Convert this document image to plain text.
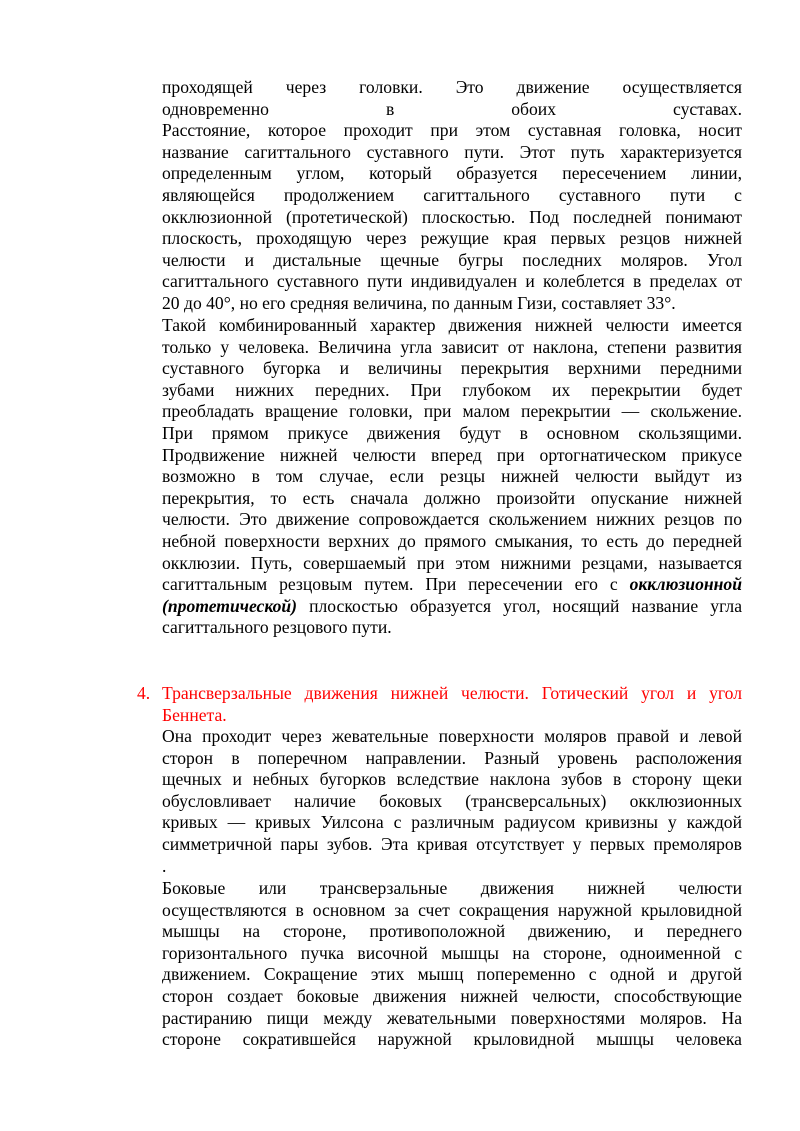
проходящей через головки. Это движение осуществляется
одновременно в обоих суставах.
Расстояние, которое проходит при этом суставная головка, носит
название сагиттального суставного пути. Этот путь характеризуется
определенным углом, который образуется пересечением линии,
являющейся продолжением сагиттального суставного пути с
окклюзионной (протетической) плоскостью. Под последней понимают
плоскость, проходящую через режущие края первых резцов нижней
челюсти и дистальные щечные бугры последних моляров. Угол
сагиттального суставного пути индивидуален и колеблется в пределах от
20 до 40°, но его средняя величина, по данным Гизи, составляет 33°.
Такой комбинированный характер движения нижней челюсти имеется
только у человека. Величина угла зависит от наклона, степени развития
суставного бугорка и величины перекрытия верхними передними
зубами нижних передних. При глубоком их перекрытии будет
преобладать вращение головки, при малом перекрытии — скольжение.
При прямом прикусе движения будут в основном скользящими.
Продвижение нижней челюсти вперед при ортогнатическом прикусе
возможно в том случае, если резцы нижней челюсти выйдут из
перекрытия, то есть сначала должно произойти опускание нижней
челюсти. Это движение сопровождается скольжением нижних резцов по
небной поверхности верхних до прямого смыкания, то есть до передней
окклюзии. Путь, совершаемый при этом нижними резцами, называется
сагиттальным резцовым путем. При пересечении его с окклюзионной
(протетической) плоскостью образуется угол, носящий название угла
сагиттального резцового пути.
4. Трансверзальные движения нижней челюсти. Готический угол и угол
Беннета.
Она проходит через жевательные поверхности моляров правой и левой
сторон в поперечном направлении. Разный уровень расположения
щечных и небных бугорков вследствие наклона зубов в сторону щеки
обусловливает наличие боковых (трансверсальных) окклюзионных
кривых — кривых Уилсона с различным радиусом кривизны у каждой
симметричной пары зубов. Эта кривая отсутствует у первых премоляров
.
Боковые или трансверзальные движения нижней челюсти
осуществляются в основном за счет сокращения наружной крыловидной
мышцы на стороне, противоположной движению, и переднего
горизонтального пучка височной мышцы на стороне, одноименной с
движением. Сокращение этих мышц попеременно с одной и другой
сторон создает боковые движения нижней челюсти, способствующие
растиранию пищи между жевательными поверхностями моляров. На
стороне сократившейся наружной крыловидной мышцы человека
